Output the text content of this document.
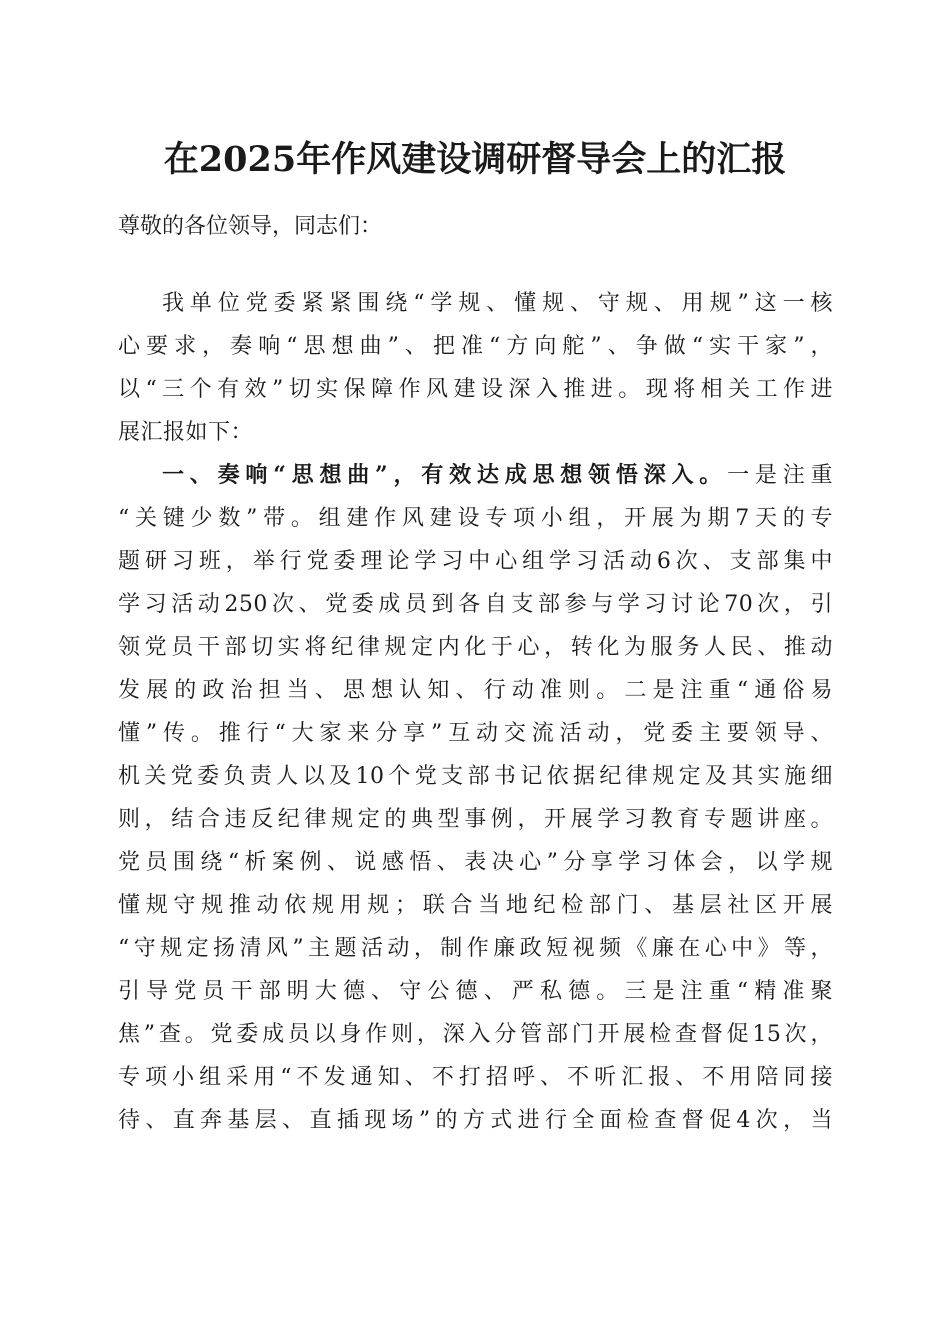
在2025年作风建设调研督导会上的汇报

尊敬的各位领导，同志们：

我单位党委紧紧围绕“学规、懂规、守规、用规”这一核
心要求，奏响“思想曲”、把准“方向舵”、争做“实干家”，
以“三个有效”切实保障作风建设深入推进。现将相关工作进
展汇报如下：
一、奏响“思想曲”，有效达成思想领悟深入。一是注重
“关键少数”带。组建作风建设专项小组，开展为期7天的专
题研习班，举行党委理论学习中心组学习活动6次、支部集中
学习活动250次、党委成员到各自支部参与学习讨论70次，引
领党员干部切实将纪律规定内化于心，转化为服务人民、推动
发展的政治担当、思想认知、行动准则。二是注重“通俗易
懂”传。推行“大家来分享”互动交流活动，党委主要领导、
机关党委负责人以及10个党支部书记依据纪律规定及其实施细
则，结合违反纪律规定的典型事例，开展学习教育专题讲座。
党员围绕“析案例、说感悟、表决心”分享学习体会，以学规
懂规守规推动依规用规；联合当地纪检部门、基层社区开展
“守规定扬清风”主题活动，制作廉政短视频《廉在心中》等，
引导党员干部明大德、守公德、严私德。三是注重“精准聚
焦”查。党委成员以身作则，深入分管部门开展检查督促15次，
专项小组采用“不发通知、不打招呼、不听汇报、不用陪同接
待、直奔基层、直插现场”的方式进行全面检查督促4次，当
